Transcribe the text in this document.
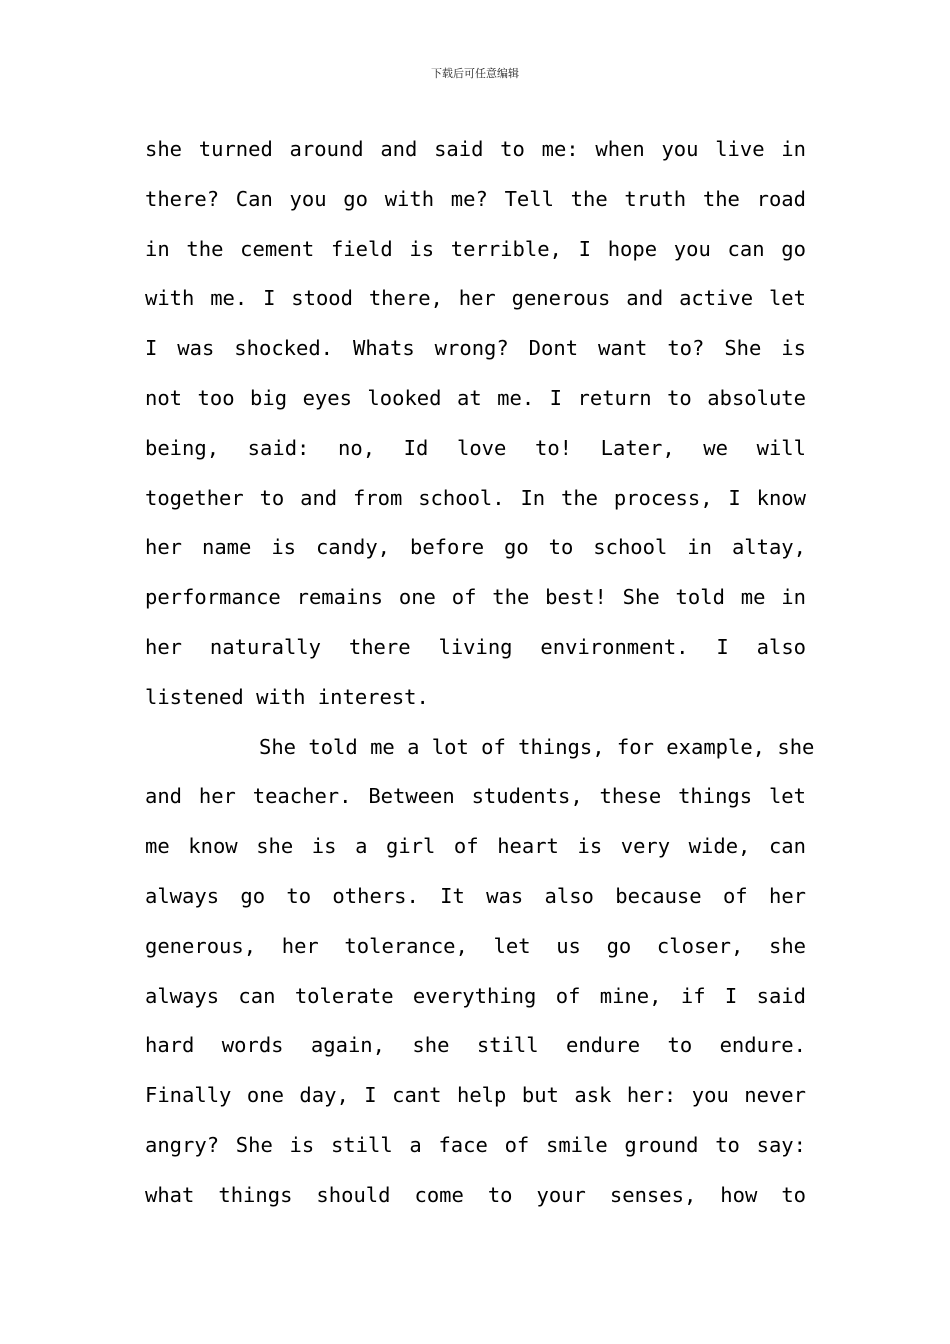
下载后可任意编辑
she turned around and said to me: when you live in
there? Can you go with me? Tell the truth the road
in the cement field is terrible, I hope you can go
with me. I stood there, her generous and active let
I was shocked. Whats wrong? Dont want to? She is
not too big eyes looked at me. I return to absolute
being, said: no, Id love to! Later, we will
together to and from school. In the process, I know
her name is candy, before go to school in altay,
performance remains one of the best! She told me in
her naturally there living environment. I also
listened with interest.
She told me a lot of things, for example, she
and her teacher. Between students, these things let
me know she is a girl of heart is very wide, can
always go to others. It was also because of her
generous, her tolerance, let us go closer, she
always can tolerate everything of mine, if I said
hard words again, she still endure to endure.
Finally one day, I cant help but ask her: you never
angry? She is still a face of smile ground to say:
what things should come to your senses, how to
